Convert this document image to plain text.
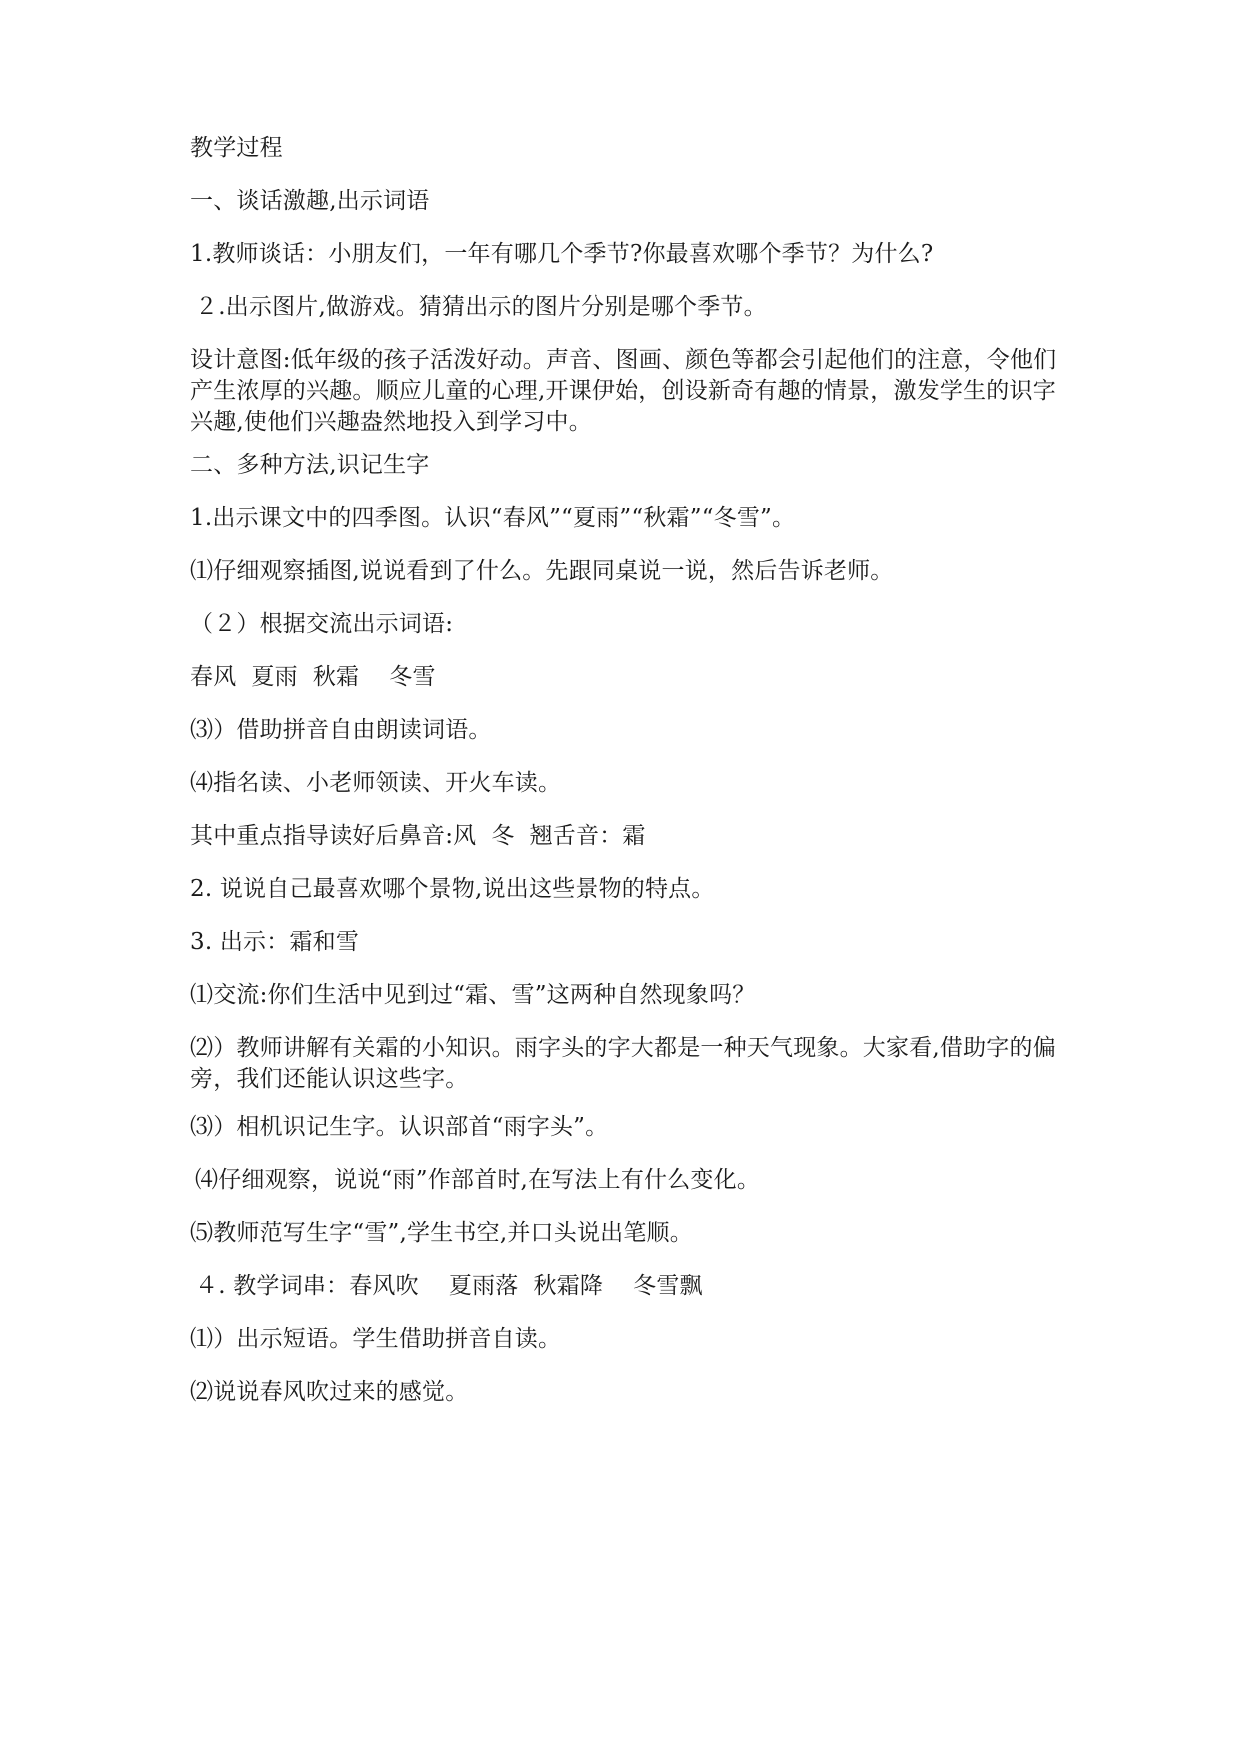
教学过程

一、谈话激趣,出示词语

1.教师谈话：小朋友们，一年有哪几个季节?你最喜欢哪个季节？为什么?

２.出示图片,做游戏。猜猜出示的图片分别是哪个季节。

设计意图:低年级的孩子活泼好动。声音、图画、颜色等都会引起他们的注意，令他们产生浓厚的兴趣。顺应儿童的心理,开课伊始，创设新奇有趣的情景，激发学生的识字兴趣,使他们兴趣盎然地投入到学习中。

二、多种方法,识记生字

1.出示课文中的四季图。认识“春风”“夏雨”“秋霜”“冬雪”。

⑴仔细观察插图,说说看到了什么。先跟同桌说一说，然后告诉老师。

（２）根据交流出示词语:

春风  夏雨  秋霜    冬雪

⑶）借助拼音自由朗读词语。

⑷指名读、小老师领读、开火车读。

其中重点指导读好后鼻音:风  冬  翘舌音：霜

2. 说说自己最喜欢哪个景物,说出这些景物的特点。

3. 出示：霜和雪

⑴交流:你们生活中见到过“霜、雪”这两种自然现象吗？

⑵）教师讲解有关霜的小知识。雨字头的字大都是一种天气现象。大家看,借助字的偏旁，我们还能认识这些字。

⑶）相机识记生字。认识部首“雨字头”。

⑷仔细观察，说说“雨”作部首时,在写法上有什么变化。

⑸教师范写生字“雪”,学生书空,并口头说出笔顺。

４. 教学词串：春风吹    夏雨落  秋霜降    冬雪飘

⑴）出示短语。学生借助拼音自读。

⑵说说春风吹过来的感觉。
